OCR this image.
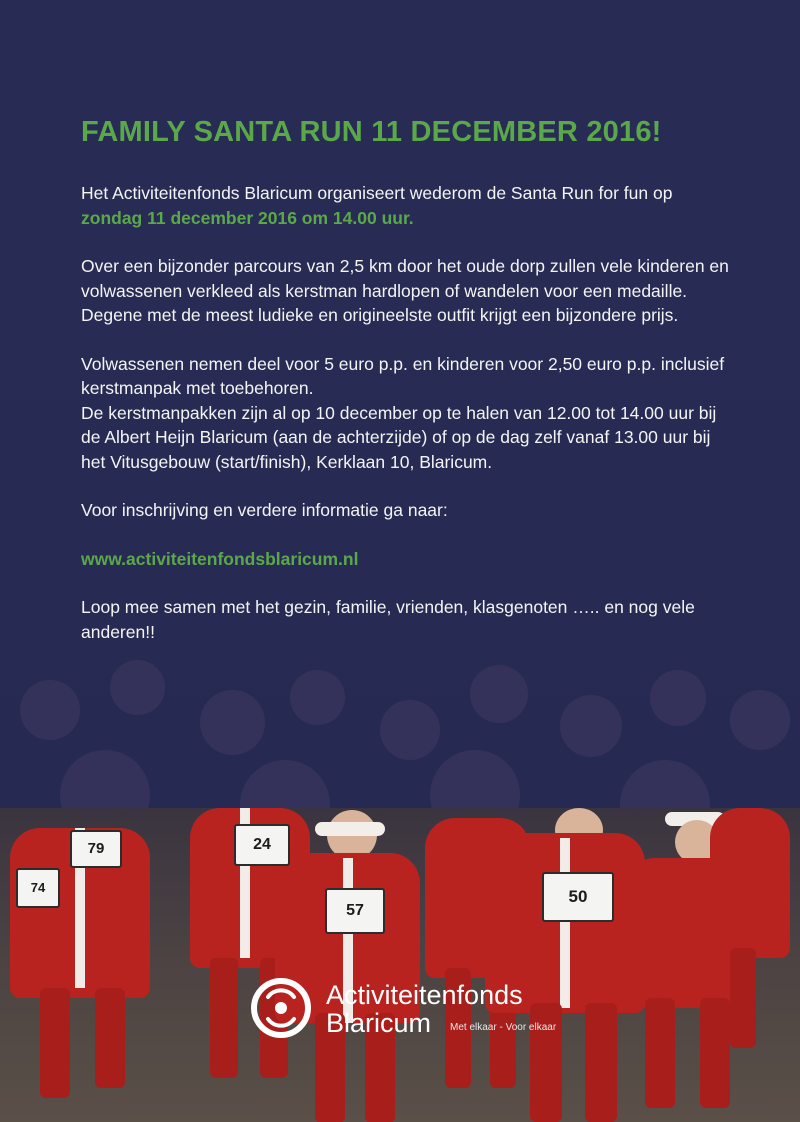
79	24
57
50
74
FAMILY SANTA RUN 11 DECEMBER 2016!

Het Activiteitenfonds Blaricum organiseert wederom de Santa Run for fun op zondag 11 december 2016 om 14.00 uur.

Over een bijzonder parcours van 2,5 km door het oude dorp zullen vele kinderen en volwassenen verkleed als kerstman hardlopen of wandelen voor een medaille. Degene met de meest ludieke en origineelste outfit krijgt een bijzondere prijs.

Volwassenen nemen deel voor 5 euro p.p. en kinderen voor 2,50 euro p.p. inclusief kerstmanpak met toebehoren.

De kerstmanpakken zijn al op 10 december op te halen van 12.00 tot 14.00 uur bij de Albert Heijn Blaricum (aan de achterzijde) of op de dag zelf vanaf 13.00 uur bij het Vitusgebouw (start/finish), Kerklaan 10, Blaricum.

Voor inschrijving en verdere informatie ga naar:

www.activiteitenfondsblaricum.nl

Loop mee samen met het gezin, familie, vrienden, klasgenoten ….. en nog vele anderen!!

Activiteitenfonds
Blaricum	Met elkaar - Voor elkaar
